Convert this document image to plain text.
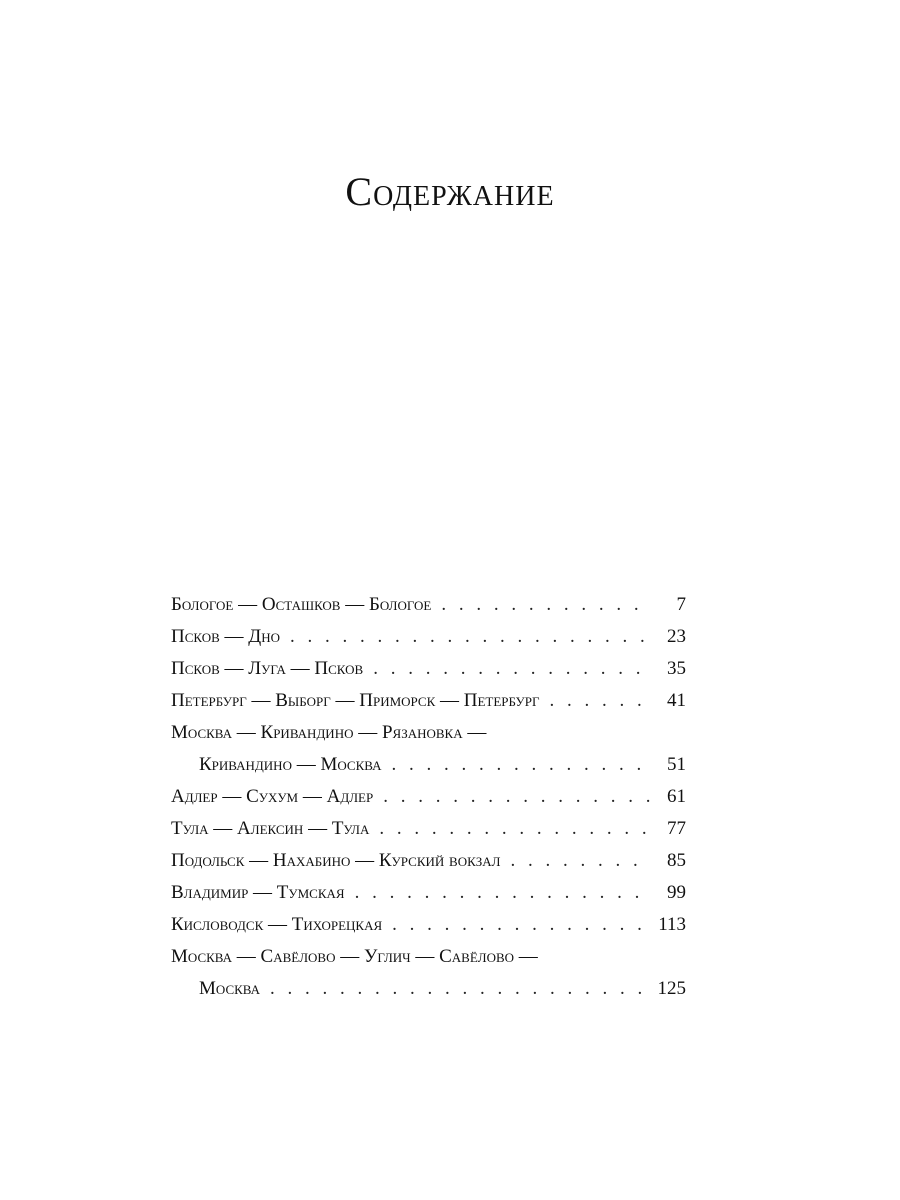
Содержание
Бологое — Осташков — Бологое . . .	7
Псков — Дно . . .	23
Псков — Луга — Псков . . .	35
Петербург — Выборг — Приморск — Петербург . . .	41
Москва — Кривандино — Рязановка —
Кривандино — Москва . . .	51
Адлер — Сухум — Адлер . . .	61
Тула — Алексин — Тула . . .	77
Подольск — Нахабино — Курский вокзал . . .	85
Владимир — Тумская . . .	99
Кисловодск — Тихорецкая . . .	113
Москва — Савёлово — Углич — Савёлово —
Москва . . .	125
